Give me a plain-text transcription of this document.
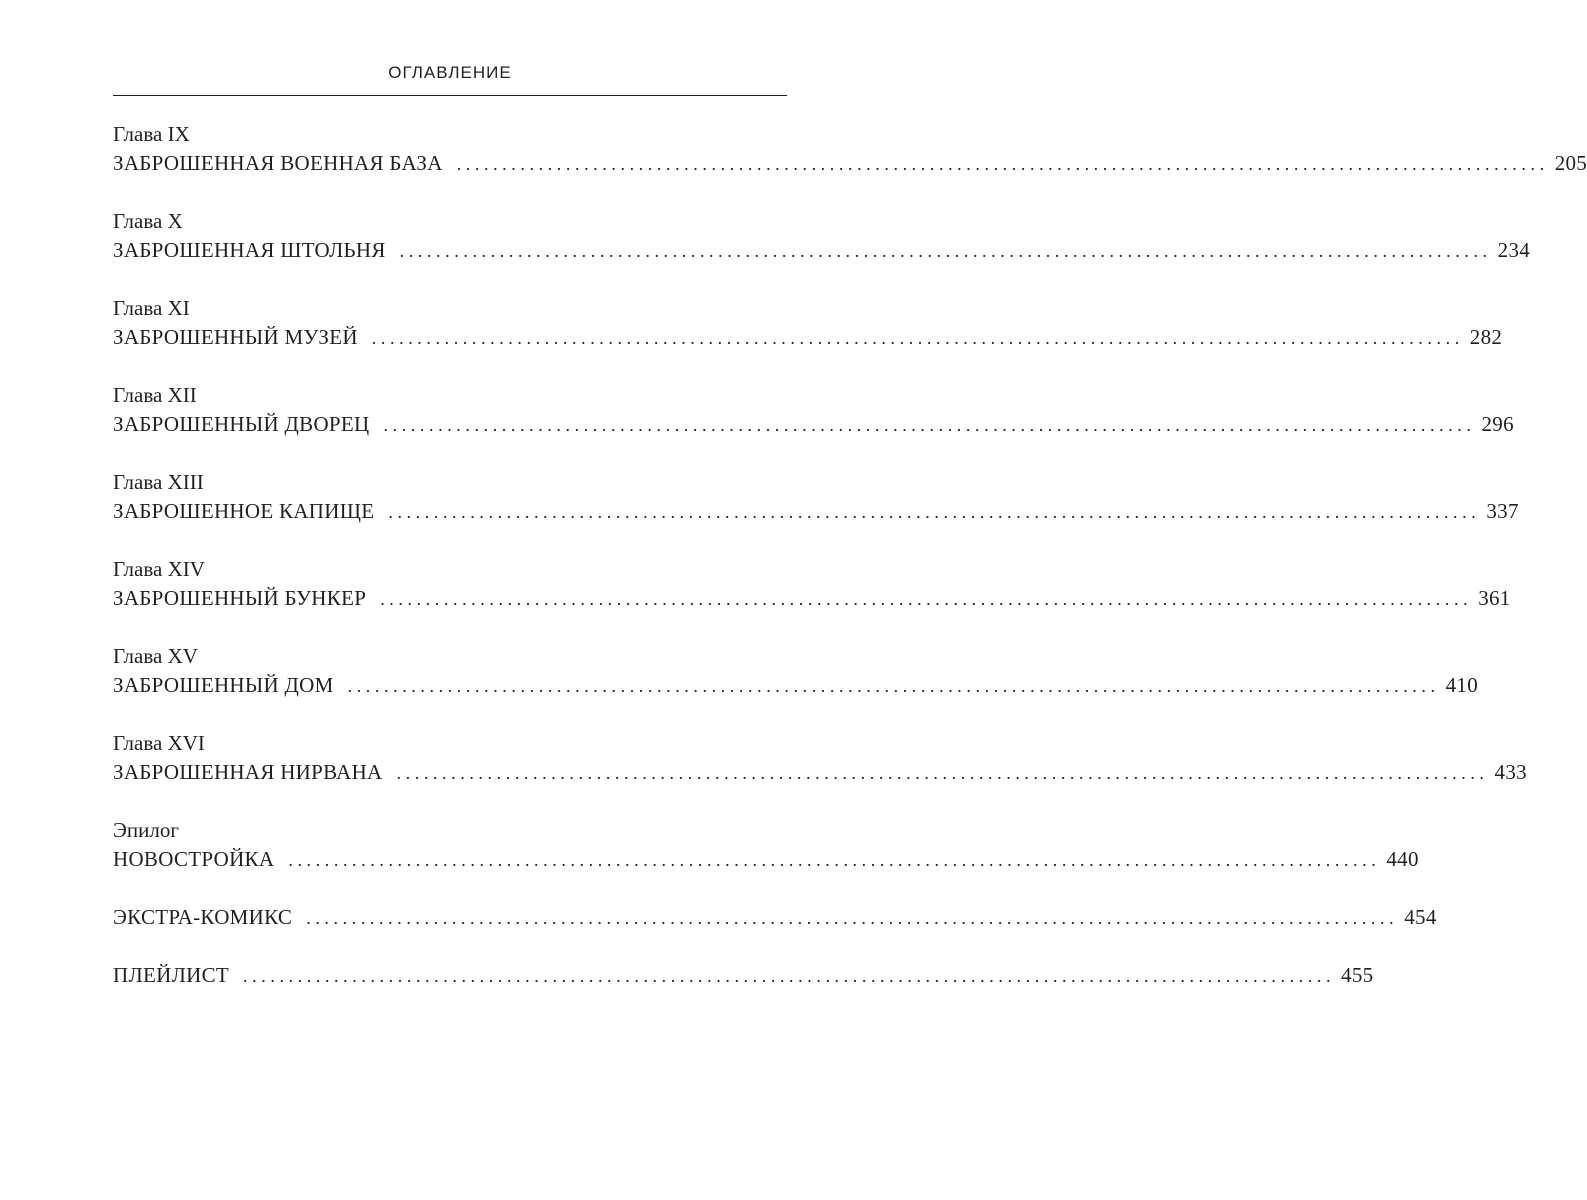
ОГЛАВЛЕНИЕ
Глава IX
ЗАБРОШЕННАЯ ВОЕННАЯ БАЗА ........................................................................................................................ 205
Глава X
ЗАБРОШЕННАЯ ШТОЛЬНЯ ........................................................................................................................ 234
Глава XI
ЗАБРОШЕННЫЙ МУЗЕЙ ........................................................................................................................ 282
Глава XII
ЗАБРОШЕННЫЙ ДВОРЕЦ ........................................................................................................................ 296
Глава XIII
ЗАБРОШЕННОЕ КАПИЩЕ ........................................................................................................................ 337
Глава XIV
ЗАБРОШЕННЫЙ БУНКЕР ........................................................................................................................ 361
Глава XV
ЗАБРОШЕННЫЙ ДОМ ........................................................................................................................ 410
Глава XVI
ЗАБРОШЕННАЯ НИРВАНА ........................................................................................................................ 433
Эпилог
НОВОСТРОЙКА ........................................................................................................................ 440
ЭКСТРА-КОМИКС ........................................................................................................................ 454
ПЛЕЙЛИСТ ........................................................................................................................ 455
